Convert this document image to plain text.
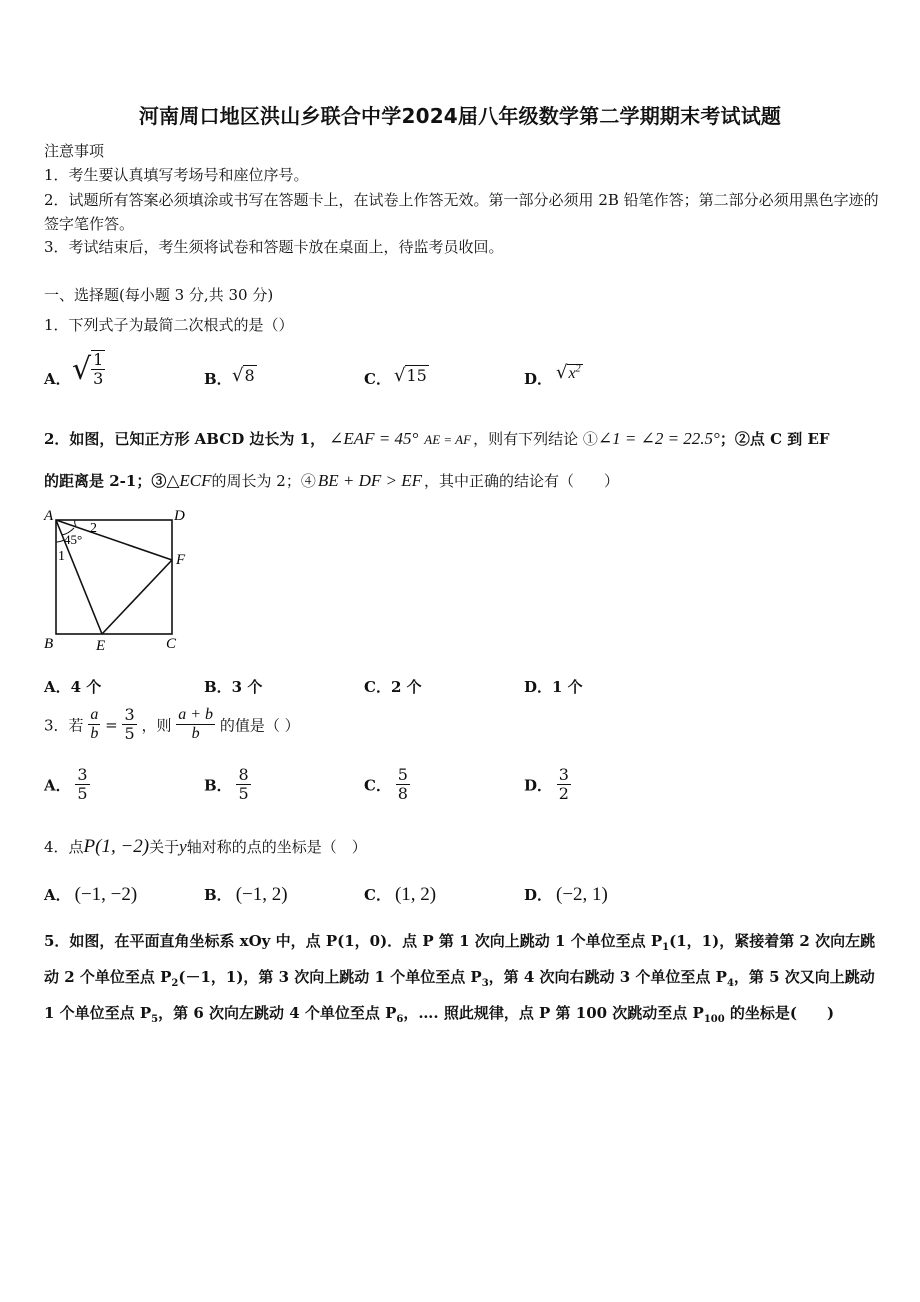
河南周口地区洪山乡联合中学2024届八年级数学第二学期期末考试试题
注意事项
1．考生要认真填写考场号和座位序号。
2．试题所有答案必须填涂或书写在答题卡上，在试卷上作答无效。第一部分必须用 2B 铅笔作答；第二部分必须用黑色字迹的签字笔作答。
3．考试结束后，考生须将试卷和答题卡放在桌面上，待监考员收回。
一、选择题(每小题 3 分,共 30 分)
1．下列式子为最简二次根式的是（）
A． √ $\frac{1}{3}$	B． √8	C． √15	D． $√x^2$
2．如图，已知正方形 ABCD 边长为 1， ∠EAF = 45° AE = AF ，则有下列结论 ①∠1 = ∠2 = 22.5°；②点 C 到 EF
的距离是 2-1；③△ECF的周长为 2；④ BE + DF > EF ，其中正确的结论有（　　）
A	D
B	C
E
F
1
2
45°
A．4 个	B．3 个	C．2 个	D．1 个
3．若 $\frac{a}{b} = \frac{3}{5}$ ，则 $\frac{a + b}{b}$ 的值是（ ）
A． $\frac{3}{5}$	B． $\frac{8}{5}$	C． $\frac{5}{8}$	D． $\frac{3}{2}$
4．点P(1, −2)关于y轴对称的点的坐标是（　）
A． (−1, −2)	B． (−1, 2)	C． (1, 2)	D． (−2, 1)
5．如图，在平面直角坐标系 xOy 中，点 P(1，0)．点 P 第 1 次向上跳动 1 个单位至点 $P_1(1$，1)，紧接着第 2 次向左跳
动 2 个单位至点 $P_2(-1$，1)，第 3 次向上跳动 1 个单位至点 $P_3$，第 4 次向右跳动 3 个单位至点 $P_4$，第 5 次又向上跳动
1 个单位至点 $P_5$，第 6 次向左跳动 4 个单位至点 $P_6$，…. 照此规律，点 P 第 100 次跳动至点 $P_{100}$ 的坐标是(　　)
